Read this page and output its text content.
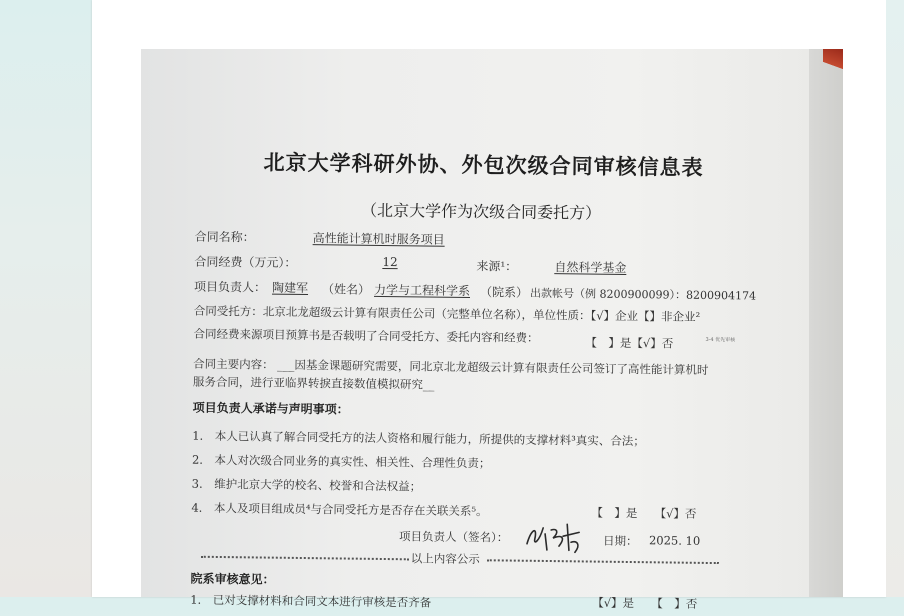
北京大学科研外协、外包次级合同审核信息表
（北京大学作为次级合同委托方）
合同名称：	高性能计算机时服务项目
合同经费（万元）：	12	来源¹：	自然科学基金
项目负责人： 陶建军 （姓名） 力学与工程科学系 （院系） 出款帐号（例 8200900099）：8200904174
合同受托方：北京北龙超级云计算有限责任公司（完整单位名称），单位性质：【√】企业【】非企业²
合同经费来源项目预算书是否载明了合同受托方、委托内容和经费：	【　】是【√】否	3-4 优先审核
合同主要内容： ___因基金课题研究需要，同北京北龙超级云计算有限责任公司签订了高性能计算机时
服务合同，进行亚临界转捩直接数值模拟研究__
项目负责人承诺与声明事项：
1.　本人已认真了解合同受托方的法人资格和履行能力，所提供的支撑材料³真实、合法；
2.　本人对次级合同业务的真实性、相关性、合理性负责；
3.　维护北京大学的校名、校誉和合法权益；
4.　本人及项目组成员⁴与合同受托方是否存在关联关系⁵。	【　】是　　【√】否
项目负责人（签名）：	日期： 2025. 10
以上内容公示
院系审核意见：
1.　已对支撑材料和合同文本进行审核是否齐备	【√】是　　【　】否
